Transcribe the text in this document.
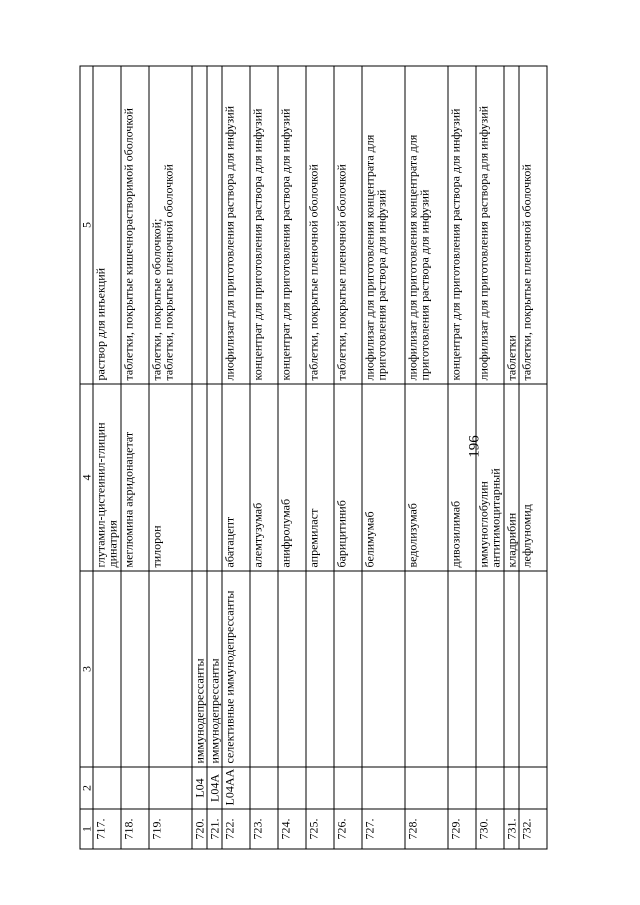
196
1	2	3	4	5
717.			глутамил-цистеинил-глицин динатрия	раствор для инъекций

718.			меглюмина акридонацетат	таблетки, покрытые кишечнорастворимой оболочкой

719.			тилорон	таблетки, покрытые оболочкой;
таблетки, покрытые пленочной оболочкой

720.	L04	иммунодепрессанты		
721.	L04A	иммунодепрессанты		
722.	L04AA	селективные иммунодепрессанты	абатацепт	лиофилизат для приготовления раствора для инфузий

723.			алемтузумаб	концентрат для приготовления раствора для инфузий

724.			анифролумаб	концентрат для приготовления раствора для инфузий

725.			апремиласт	таблетки, покрытые пленочной оболочкой

726.			барицитиниб	таблетки, покрытые пленочной оболочкой

727.			белимумаб	лиофилизат для приготовления концентрата для приготовления раствора для инфузий

728.			ведолизумаб	лиофилизат для приготовления концентрата для приготовления раствора для инфузий

729.			дивозилимаб	концентрат для приготовления раствора для инфузий

730.			иммуноглобулин антитимоцитарный	лиофилизат для приготовления раствора для инфузий

731.			кладрибин	таблетки

732.			лефлуномид	таблетки, покрытые пленочной оболочкой
